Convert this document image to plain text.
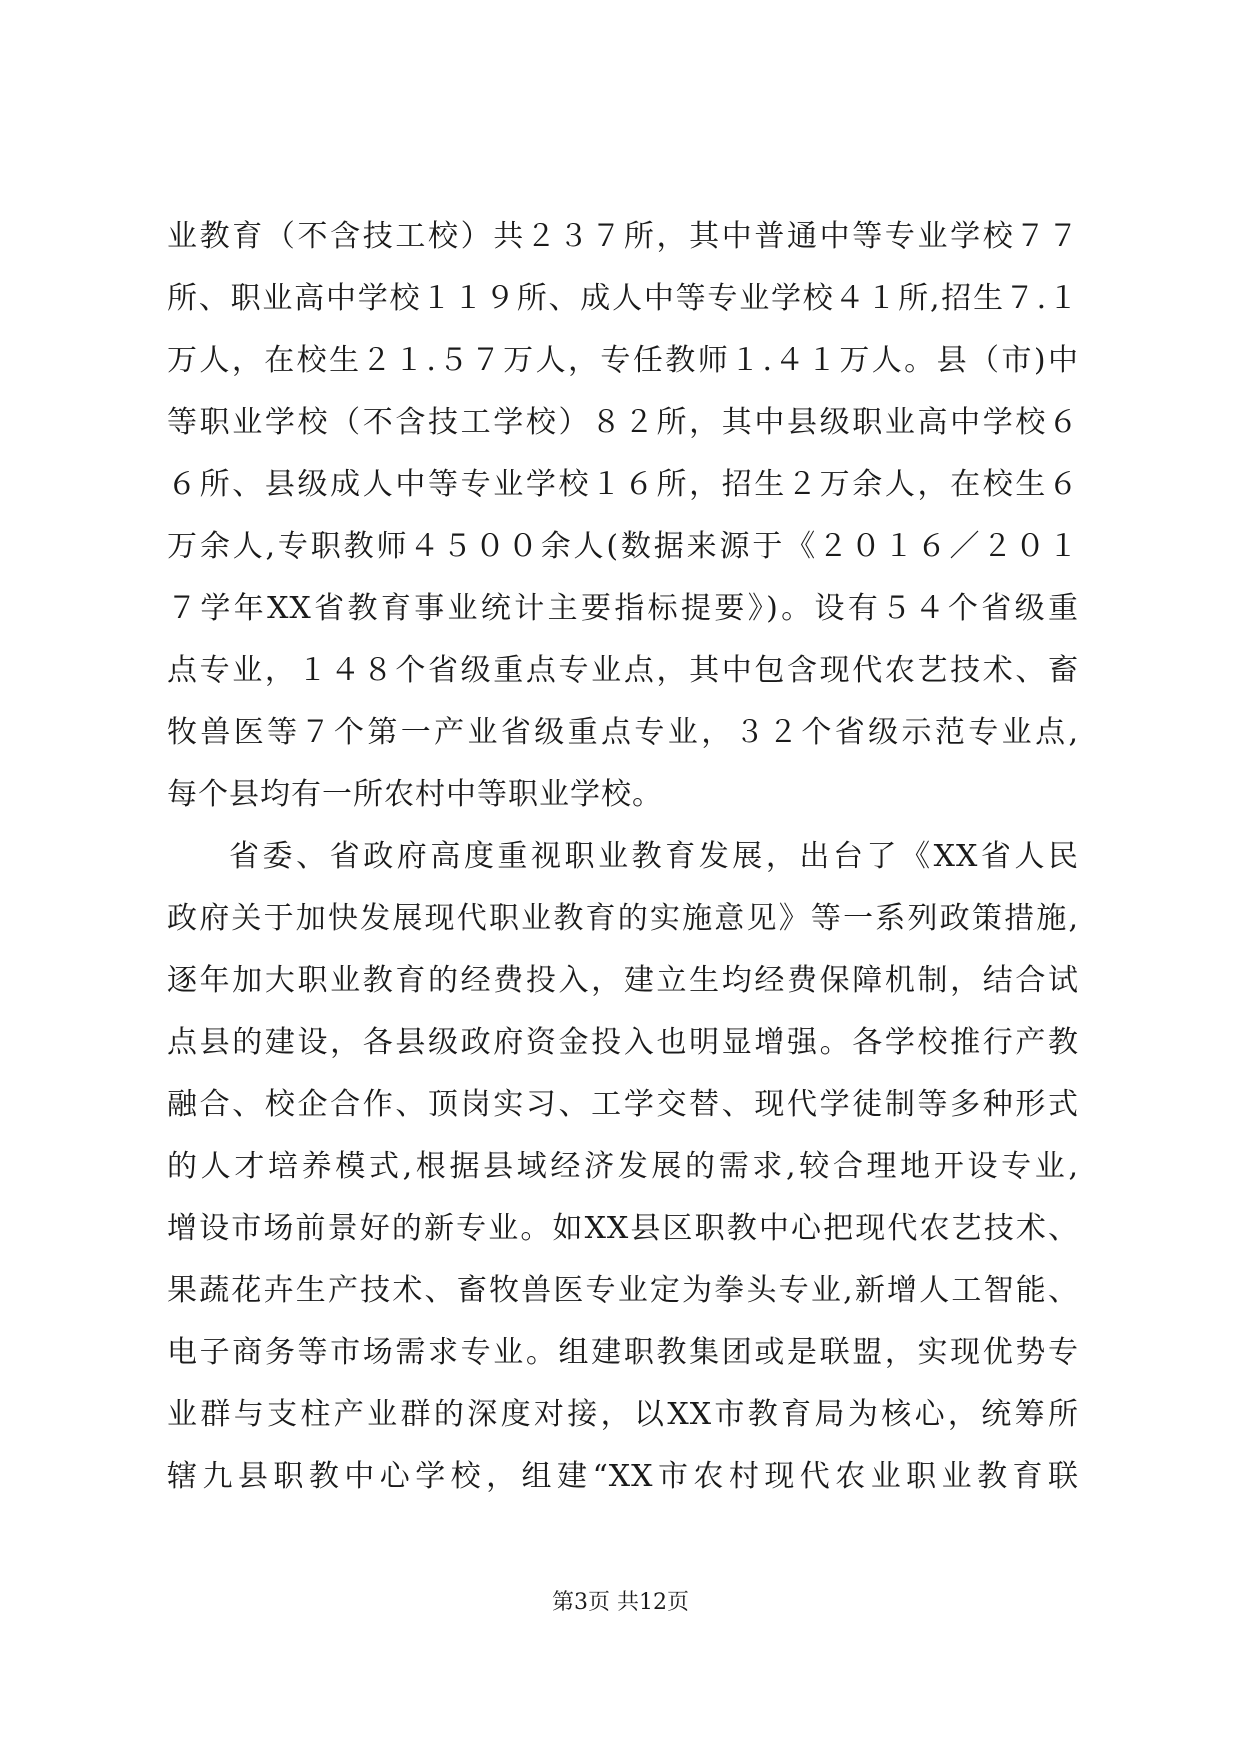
业教育（不含技工校）共２３７所，其中普通中等专业学校７７
所、职业高中学校１１９所、成人中等专业学校４１所,招生７.１
万人，在校生２１.５７万人，专任教师１.４１万人。县（市)中
等职业学校（不含技工学校）８２所，其中县级职业高中学校６
６所、县级成人中等专业学校１６所，招生２万余人，在校生６
万余人,专职教师４５００余人(数据来源于《２０１６／２０１
７学年XX省教育事业统计主要指标提要》)。设有５４个省级重
点专业，１４８个省级重点专业点，其中包含现代农艺技术、畜
牧兽医等７个第一产业省级重点专业，３２个省级示范专业点,
每个县均有一所农村中等职业学校。
省委、省政府高度重视职业教育发展，出台了《XX省人民
政府关于加快发展现代职业教育的实施意见》等一系列政策措施,
逐年加大职业教育的经费投入，建立生均经费保障机制，结合试
点县的建设，各县级政府资金投入也明显增强。各学校推行产教
融合、校企合作、顶岗实习、工学交替、现代学徒制等多种形式
的人才培养模式,根据县域经济发展的需求,较合理地开设专业,
增设市场前景好的新专业。如XX县区职教中心把现代农艺技术、
果蔬花卉生产技术、畜牧兽医专业定为拳头专业,新增人工智能、
电子商务等市场需求专业。组建职教集团或是联盟，实现优势专
业群与支柱产业群的深度对接，以XX市教育局为核心，统筹所
辖九县职教中心学校，组建“XX市农村现代农业职业教育联
第3页 共12页
